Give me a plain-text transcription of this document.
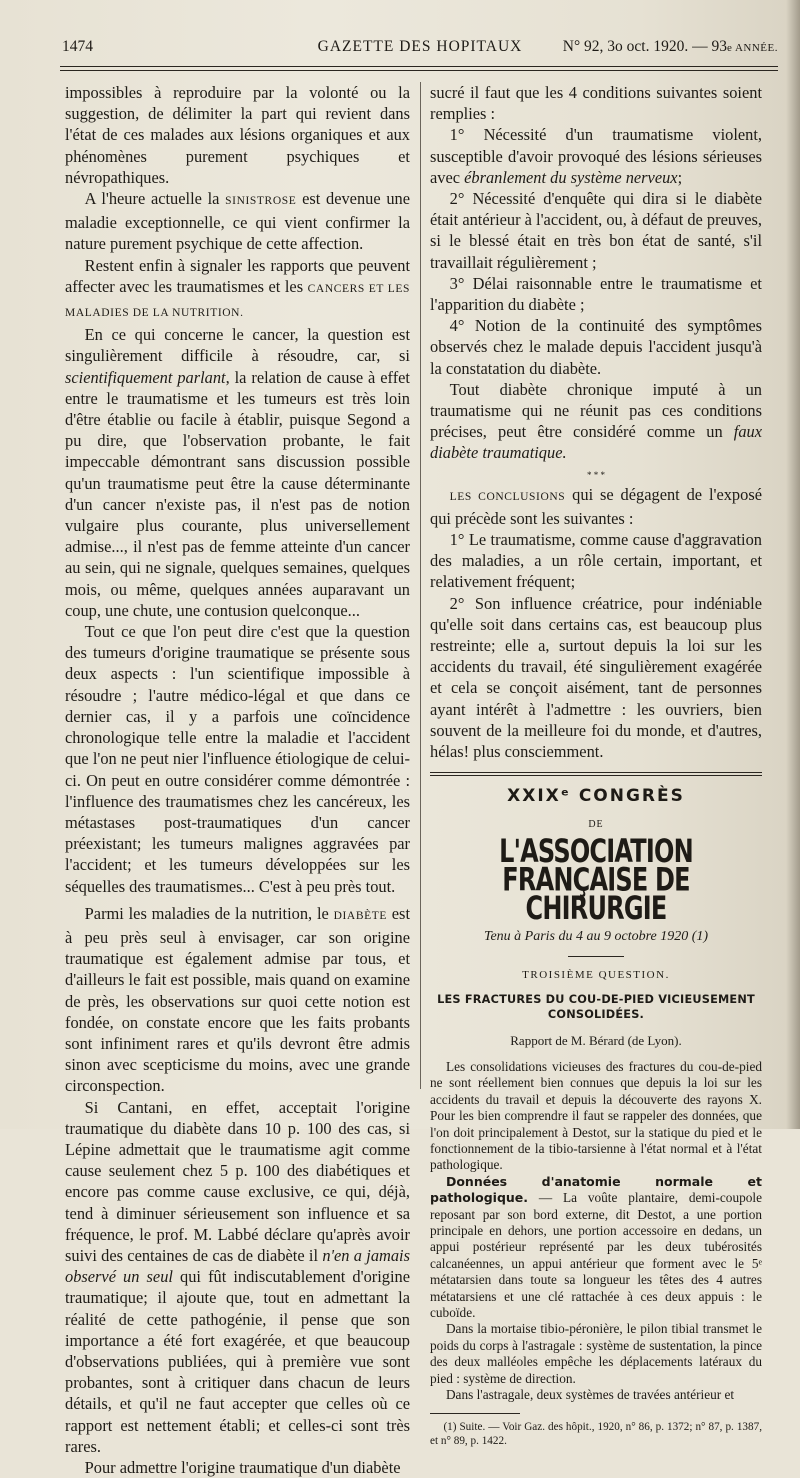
1474	GAZETTE DES HOPITAUX	N° 92, 3o oct. 1920. — 93e ANNÉE.

impossibles à reproduire par la volonté ou la suggestion, de délimiter la part qui revient dans l'état de ces malades aux lésions organiques et aux phénomènes purement psychiques et névropathiques.

A l'heure actuelle la SINISTROSE est devenue une maladie exceptionnelle, ce qui vient confirmer la nature purement psychique de cette affection.

Restent enfin à signaler les rapports que peuvent affecter avec les traumatismes et les CANCERS ET LES MALADIES DE LA NUTRITION.

En ce qui concerne le cancer, la question est singulièrement difficile à résoudre, car, si scientifiquement parlant, la relation de cause à effet entre le traumatisme et les tumeurs est très loin d'être établie ou facile à établir, puisque Segond a pu dire, que l'observation probante, le fait impeccable démontrant sans discussion possible qu'un traumatisme peut être la cause déterminante d'un cancer n'existe pas, il n'est pas de notion vulgaire plus courante, plus universellement admise..., il n'est pas de femme atteinte d'un cancer au sein, qui ne signale, quelques semaines, quelques mois, ou même, quelques années auparavant un coup, une chute, une contusion quelconque...

Tout ce que l'on peut dire c'est que la question des tumeurs d'origine traumatique se présente sous deux aspects : l'un scientifique impossible à résoudre ; l'autre médico-légal et que dans ce dernier cas, il y a parfois une coïncidence chronologique telle entre la maladie et l'accident que l'on ne peut nier l'influence étiologique de celui-ci. On peut en outre considérer comme démontrée : l'influence des traumatismes chez les cancéreux, les métastases post-traumatiques d'un cancer préexistant; les tumeurs malignes aggravées par l'accident; et les tumeurs développées sur les séquelles des traumatismes... C'est à peu près tout.

Parmi les maladies de la nutrition, le DIABÈTE est à peu près seul à envisager, car son origine traumatique est également admise par tous, et d'ailleurs le fait est possible, mais quand on examine de près, les observations sur quoi cette notion est fondée, on constate encore que les faits probants sont infiniment rares et qu'ils devront être admis sinon avec scepticisme du moins, avec une grande circonspection.

Si Cantani, en effet, acceptait l'origine traumatique du diabète dans 10 p. 100 des cas, si Lépine admettait que le traumatisme agit comme cause seulement chez 5 p. 100 des diabétiques et encore pas comme cause exclusive, ce qui, déjà, tend à diminuer sérieusement son influence et sa fréquence, le prof. M. Labbé déclare qu'après avoir suivi des centaines de cas de diabète il n'en a jamais observé un seul qui fût indiscutablement d'origine traumatique; il ajoute que, tout en admettant la réalité de cette pathogénie, il pense que son importance a été fort exagérée, et que beaucoup d'observations publiées, qui à première vue sont probantes, sont à critiquer dans chacun de leurs détails, et qu'il ne faut accepter que celles où ce rapport est nettement établi; et celles-ci sont très rares.

Pour admettre l'origine traumatique d'un diabète

sucré il faut que les 4 conditions suivantes soient remplies :

1° Nécessité d'un traumatisme violent, susceptible d'avoir provoqué des lésions sérieuses avec ébranlement du système nerveux;

2° Nécessité d'enquête qui dira si le diabète était antérieur à l'accident, ou, à défaut de preuves, si le blessé était en très bon état de santé, s'il travaillait régulièrement ;

3° Délai raisonnable entre le traumatisme et l'apparition du diabète ;

4° Notion de la continuité des symptômes observés chez le malade depuis l'accident jusqu'à la constatation du diabète.

Tout diabète chronique imputé à un traumatisme qui ne réunit pas ces conditions précises, peut être considéré comme un faux diabète traumatique.

* * *

LES CONCLUSIONS qui se dégagent de l'exposé qui précède sont les suivantes :

1° Le traumatisme, comme cause d'aggravation des maladies, a un rôle certain, important, et relativement fréquent;

2° Son influence créatrice, pour indéniable qu'elle soit dans certains cas, est beaucoup plus restreinte; elle a, surtout depuis la loi sur les accidents du travail, été singulièrement exagérée et cela se conçoit aisément, tant de personnes ayant intérêt à l'admettre : les ouvriers, bien souvent de la meilleure foi du monde, et d'autres, hélas! plus consciemment.

XXIXᵉ CONGRÈS
DE
L'ASSOCIATION FRANÇAISE DE CHIRURGIE
Tenu à Paris du 4 au 9 octobre 1920 (1)
TROISIÈME QUESTION.
LES FRACTURES DU COU-DE-PIED VICIEUSEMENT CONSOLIDÉES.
Rapport de M. Bérard (de Lyon).

Les consolidations vicieuses des fractures du cou-de-pied ne sont réellement bien connues que depuis la loi sur les accidents du travail et depuis la découverte des rayons X. Pour les bien comprendre il faut se rappeler des données, que l'on doit principalement à Destot, sur la statique du pied et le fonctionnement de la tibio-tarsienne à l'état normal et à l'état pathologique.

Données d'anatomie normale et pathologique. — La voûte plantaire, demi-coupole reposant par son bord externe, dit Destot, a une portion principale en dehors, une portion accessoire en dedans, un appui postérieur représenté par les deux tubérosités calcanéennes, un appui antérieur que forment avec le 5ᵉ métatarsien dans toute sa longueur les têtes des 4 autres métatarsiens et une clé rattachée à ces deux appuis : le cuboïde.

Dans la mortaise tibio-péronière, le pilon tibial transmet le poids du corps à l'astragale : système de sustentation, la pince des deux malléoles empêche les déplacements latéraux du pied : système de direction.

Dans l'astragale, deux systèmes de travées antérieur et

(1) Suite. — Voir Gaz. des hôpit., 1920, n° 86, p. 1372; n° 87, p. 1387, et n° 89, p. 1422.
